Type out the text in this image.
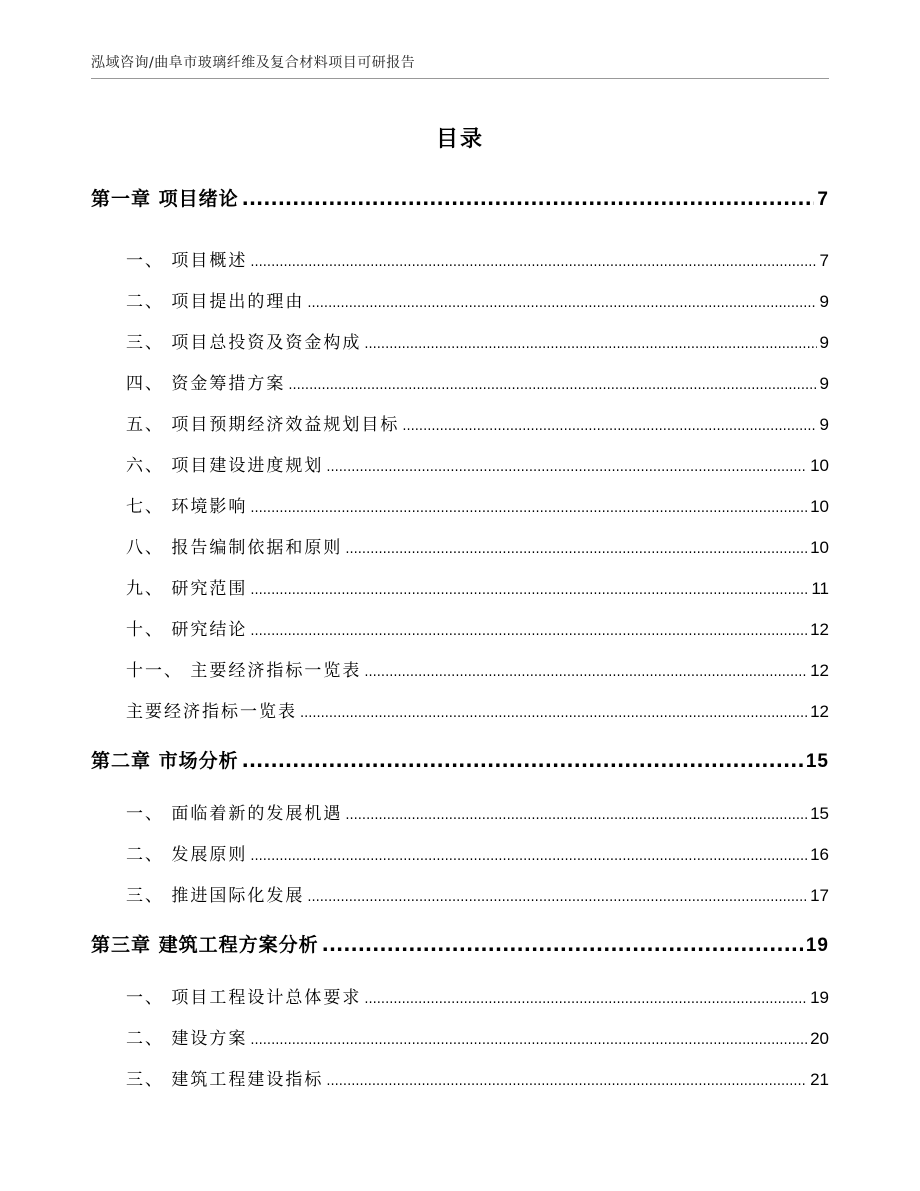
泓域咨询/曲阜市玻璃纤维及复合材料项目可研报告
目录
第一章 项目绪论 .....	7
一、 项目概述 .....	7
二、 项目提出的理由 .....	9
三、 项目总投资及资金构成 .....	9
四、 资金筹措方案 .....	9
五、 项目预期经济效益规划目标 .....	9
六、 项目建设进度规划 .....	10
七、 环境影响 .....	10
八、 报告编制依据和原则 .....	10
九、 研究范围 .....	11
十、 研究结论 .....	12
十一、 主要经济指标一览表 .....	12
主要经济指标一览表 .....	12
第二章 市场分析 .....	15
一、 面临着新的发展机遇 .....	15
二、 发展原则 .....	16
三、 推进国际化发展 .....	17
第三章 建筑工程方案分析 .....	19
一、 项目工程设计总体要求 .....	19
二、 建设方案 .....	20
三、 建筑工程建设指标 .....	21
